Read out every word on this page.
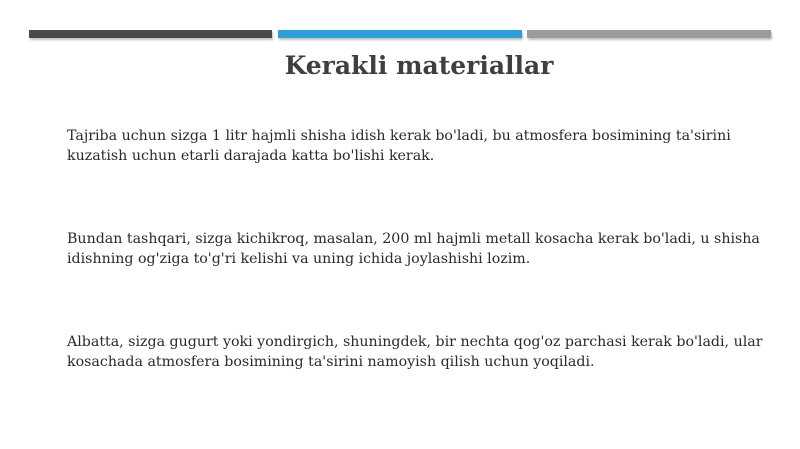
Kerakli materiallar

Tajriba uchun sizga 1 litr hajmli shisha idish kerak bo'ladi, bu atmosfera bosimining ta'sirini kuzatish uchun etarli darajada katta bo'lishi kerak.

Bundan tashqari, sizga kichikroq, masalan, 200 ml hajmli metall kosacha kerak bo'ladi, u shisha idishning og'ziga to'g'ri kelishi va uning ichida joylashishi lozim.

Albatta, sizga gugurt yoki yondirgich, shuningdek, bir nechta qog'oz parchasi kerak bo'ladi, ular kosachada atmosfera bosimining ta'sirini namoyish qilish uchun yoqiladi.
